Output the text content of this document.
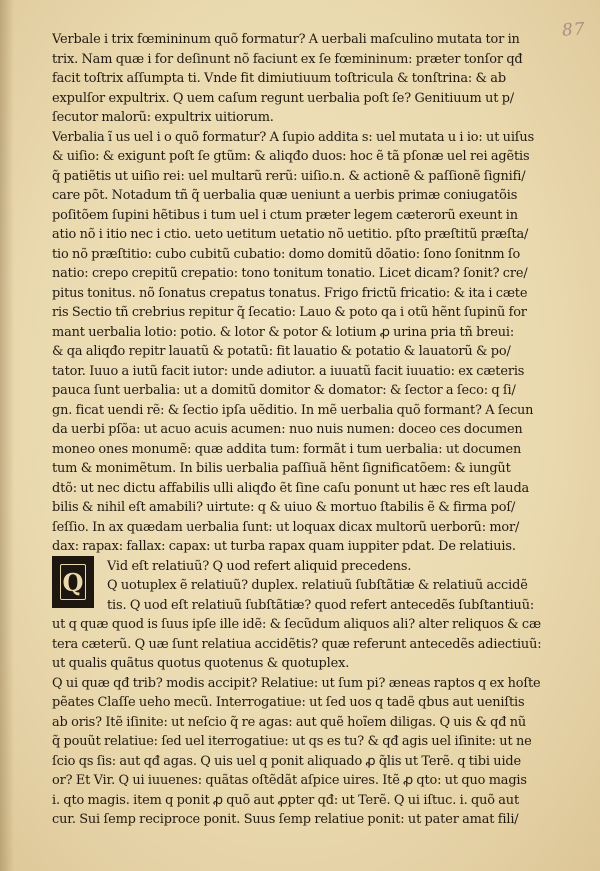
87
Q
Verbale i trix fœmininum quõ formatur? A uerbali maſculino mutata tor in
trix. Nam quæ i for deſinunt nõ faciunt ex ſe fœmininum: præter tonſor qđ
facit toſtrix aſſumpta ti. Vnde fit dimiutiuum toſtricula & tonſtrina: & ab
expulſor expultrix. Q uem caſum regunt uerbalia poſt ſe? Genitiuum ut p/
ſecutor malorũ: expultrix uitiorum.
Verbalia ĩ us uel i o quõ formatur? A ſupio addita s: uel mutata u i io: ut uiſus
& uiſio: & exigunt poſt ſe gtũm: & aliqđo duos: hoc ẽ tã pſonæ uel rei agẽtis
q̃ patiẽtis ut uiſio rei: uel multarũ rerũ: uiſio.n. & actionẽ & paſſionẽ ſignifi/
care põt. Notadum tñ q̃ uerbalia quæ ueniunt a uerbis primæ coniugatõis
poſitõem ſupini hẽtibus i tum uel i ctum præter legem cæterorũ exeunt in
atio nõ i itio nec i ctio. ueto uetitum uetatio nõ uetitio. pſto præſtitũ præſta/
tio nõ præſtitio: cubo cubitũ cubatio: domo domitũ dõatio: ſono ſonitnm ſo
natio: crepo crepitũ crepatio: tono tonitum tonatio. Licet dicam? ſonit? cre/
pitus tonitus. nõ ſonatus crepatus tonatus. Frigo frictũ fricatio: & ita i cæte
ris Sectio tñ crebrius repitur q̃ ſecatio: Lauo & poto qa i otũ hẽnt ſupinũ for
mant uerbalia lotio: potio. & lotor & potor & lotium ꝓ urina pria tñ breui:
& qa aliqđo repitr lauatũ & potatũ: fit lauatio & potatio & lauatorũ & po/
tator. Iuuo a iutũ facit iutor: unde adiutor. a iuuatũ facit iuuatio: ex cæteris
pauca ſunt uerbalia: ut a domitũ domitor & domator: & ſector a ſeco: q ſi/
gn. ficat uendi rẽ: & ſectio ipſa uẽditio. In mẽ uerbalia quõ formant? A ſecun
da uerbi pſõa: ut acuo acuis acumen: nuo nuis numen: doceo ces documen
moneo ones monumẽ: quæ addita tum: formãt i tum uerbalia: ut documen
tum & monimẽtum. In bilis uerbalia paſſiuã hẽnt ſignificatõem: & iungũt
dtõ: ut nec dictu affabilis ulli aliqđo ẽt ſine caſu ponunt ut hæc res eſt lauda
bilis & nihil eſt amabili? uirtute: q & uiuo & mortuo ſtabilis ẽ & firma poſ/
ſeſſio. In ax quædam uerbalia ſunt: ut loquax dicax multorũ uerborũ: mor/
dax: rapax: fallax: capax: ut turba rapax quam iuppiter pdat. De relatiuis.
Vid eſt relatiuũ? Q uod refert aliquid precedens.
Q uotuplex ẽ relatiuũ? duplex. relatiuũ ſubſtãtiæ & relatiuũ accidẽ
tis. Q uod eſt relatiuũ ſubſtãtiæ? quod refert antecedẽs ſubſtantiuũ:
ut q quæ quod is ſuus ipſe ille idẽ: & ſecũdum aliquos ali? alter reliquos & cæ
tera cæterũ. Q uæ ſunt relatiua accidẽtis? quæ referunt antecedẽs adiectiuũ:
ut qualis quãtus quotus quotenus & quotuplex.
Q ui quæ qđ trib? modis accipit? Relatiue: ut ſum pi? æneas raptos q ex hoſte
pẽates Claſſe ueho mecũ. Interrogatiue: ut ſed uos q tadẽ qbus aut ueniſtis
ab oris? Itẽ iſinite: ut neſcio q̃ re agas: aut quẽ hoĩem diligas. Q uis & qđ nũ
q̃ pouũt relatiue: ſed uel iterrogatiue: ut qs es tu? & qđ agis uel iſinite: ut ne
ſcio qs ſis: aut qđ agas. Q uis uel q ponit aliquado ꝓ q̃lis ut Terẽ. q tibi uide
or? Et Vir. Q ui iuuenes: quãtas oſtẽdãt aſpice uires. Itẽ ꝓ qto: ut quo magis
i. qto magis. item q ponit ꝓ quõ aut ꝓpter qđ: ut Terẽ. Q ui iſtuc. i. quõ aut
cur. Sui ſemp reciproce ponit. Suus ſemp relatiue ponit: ut pater amat fili/
